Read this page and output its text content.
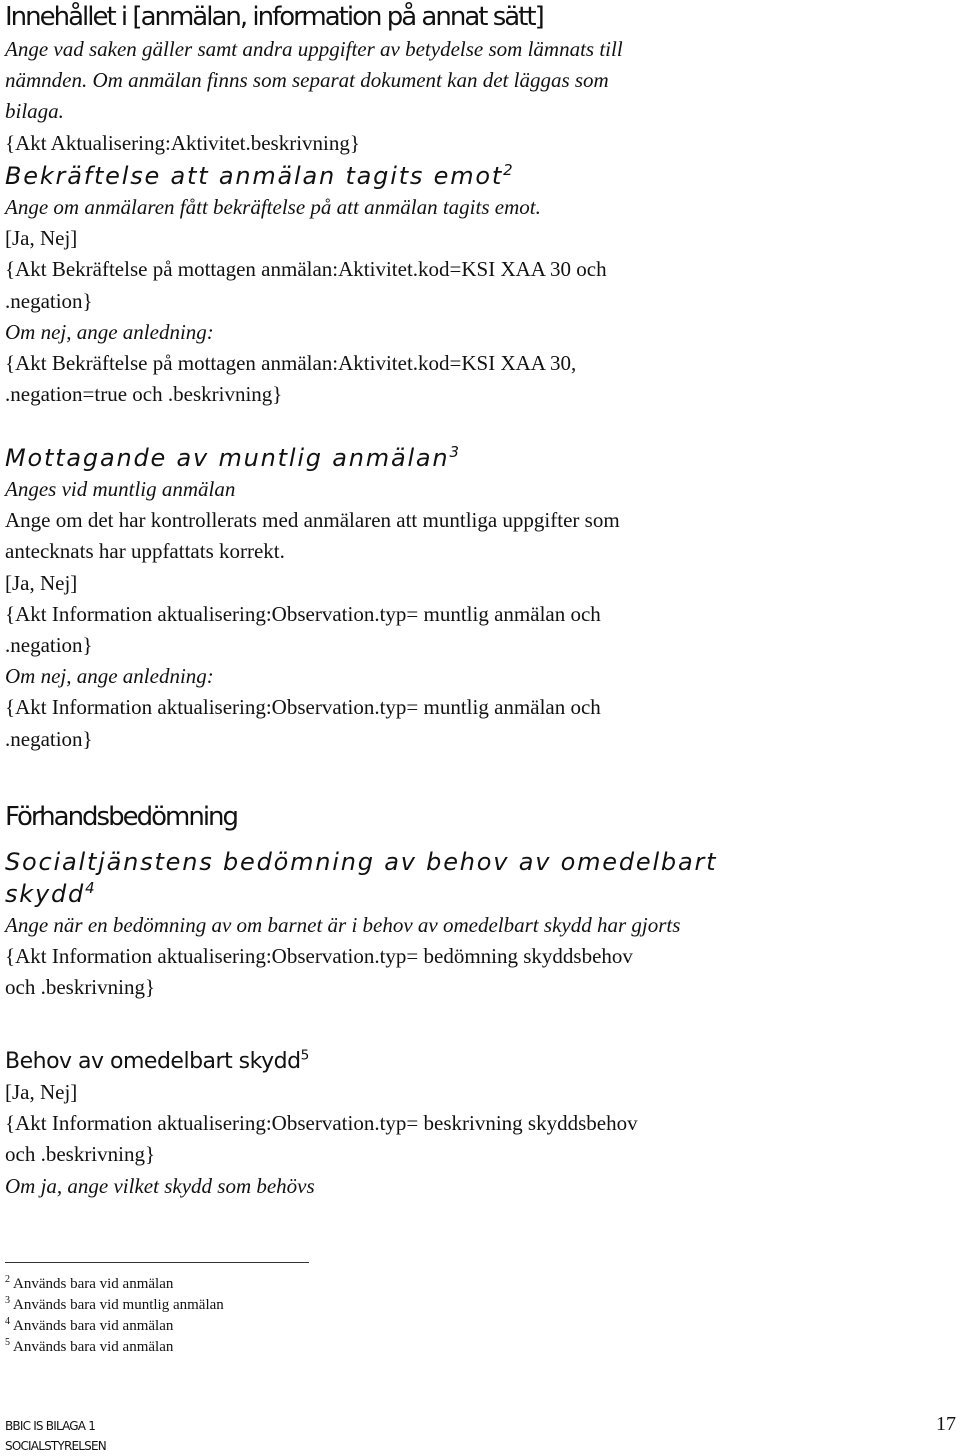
Innehållet i [anmälan, information på annat sätt]
Ange vad saken gäller samt andra uppgifter av betydelse som lämnats till
nämnden. Om anmälan finns som separat dokument kan det läggas som
bilaga.
{Akt Aktualisering:Aktivitet.beskrivning}
Bekräftelse att anmälan tagits emot$^2$
Ange om anmälaren fått bekräftelse på att anmälan tagits emot.
[Ja, Nej]
{Akt Bekräftelse på mottagen anmälan:Aktivitet.kod=KSI XAA 30 och
.negation}
Om nej, ange anledning:
{Akt Bekräftelse på mottagen anmälan:Aktivitet.kod=KSI XAA 30,
.negation=true och .beskrivning}
Mottagande av muntlig anmälan$^3$
Anges vid muntlig anmälan
Ange om det har kontrollerats med anmälaren att muntliga uppgifter som
antecknats har uppfattats korrekt.
[Ja, Nej]
{Akt Information aktualisering:Observation.typ= muntlig anmälan och
.negation}
Om nej, ange anledning:
{Akt Information aktualisering:Observation.typ= muntlig anmälan och
.negation}
Förhandsbedömning
Socialtjänstens bedömning av behov av omedelbart
skydd$^4$
Ange när en bedömning av om barnet är i behov av omedelbart skydd har gjorts
{Akt Information aktualisering:Observation.typ= bedömning skyddsbehov
och .beskrivning}
Behov av omedelbart skydd$^5$
[Ja, Nej]
{Akt Information aktualisering:Observation.typ= beskrivning skyddsbehov
och .beskrivning}
Om ja, ange vilket skydd som behövs
$^2$ Används bara vid anmälan
$^3$ Används bara vid muntlig anmälan
$^4$ Används bara vid anmälan
$^5$ Används bara vid anmälan
BBIC IS BILAGA 1
SOCIALSTYRELSEN
17
